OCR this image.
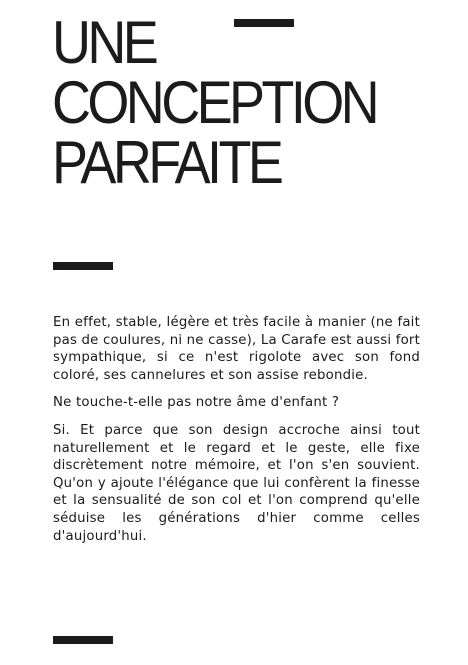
UNE
CONCEPTION
PARFAITE

En effet, stable, légère et très facile à manier (ne fait pas de coulures, ni ne casse), La Carafe est aussi fort sympathique, si ce n'est rigolote avec son fond coloré, ses cannelures et son assise rebondie.

Ne touche-t-elle pas notre âme d'enfant ?

Si. Et parce que son design accroche ainsi tout naturellement et le regard et le geste, elle fixe discrètement notre mémoire, et l'on s'en souvient. Qu'on y ajoute l'élégance que lui confèrent la finesse et la sensualité de son col et l'on comprend qu'elle séduise les générations d'hier comme celles d'aujourd'hui.
